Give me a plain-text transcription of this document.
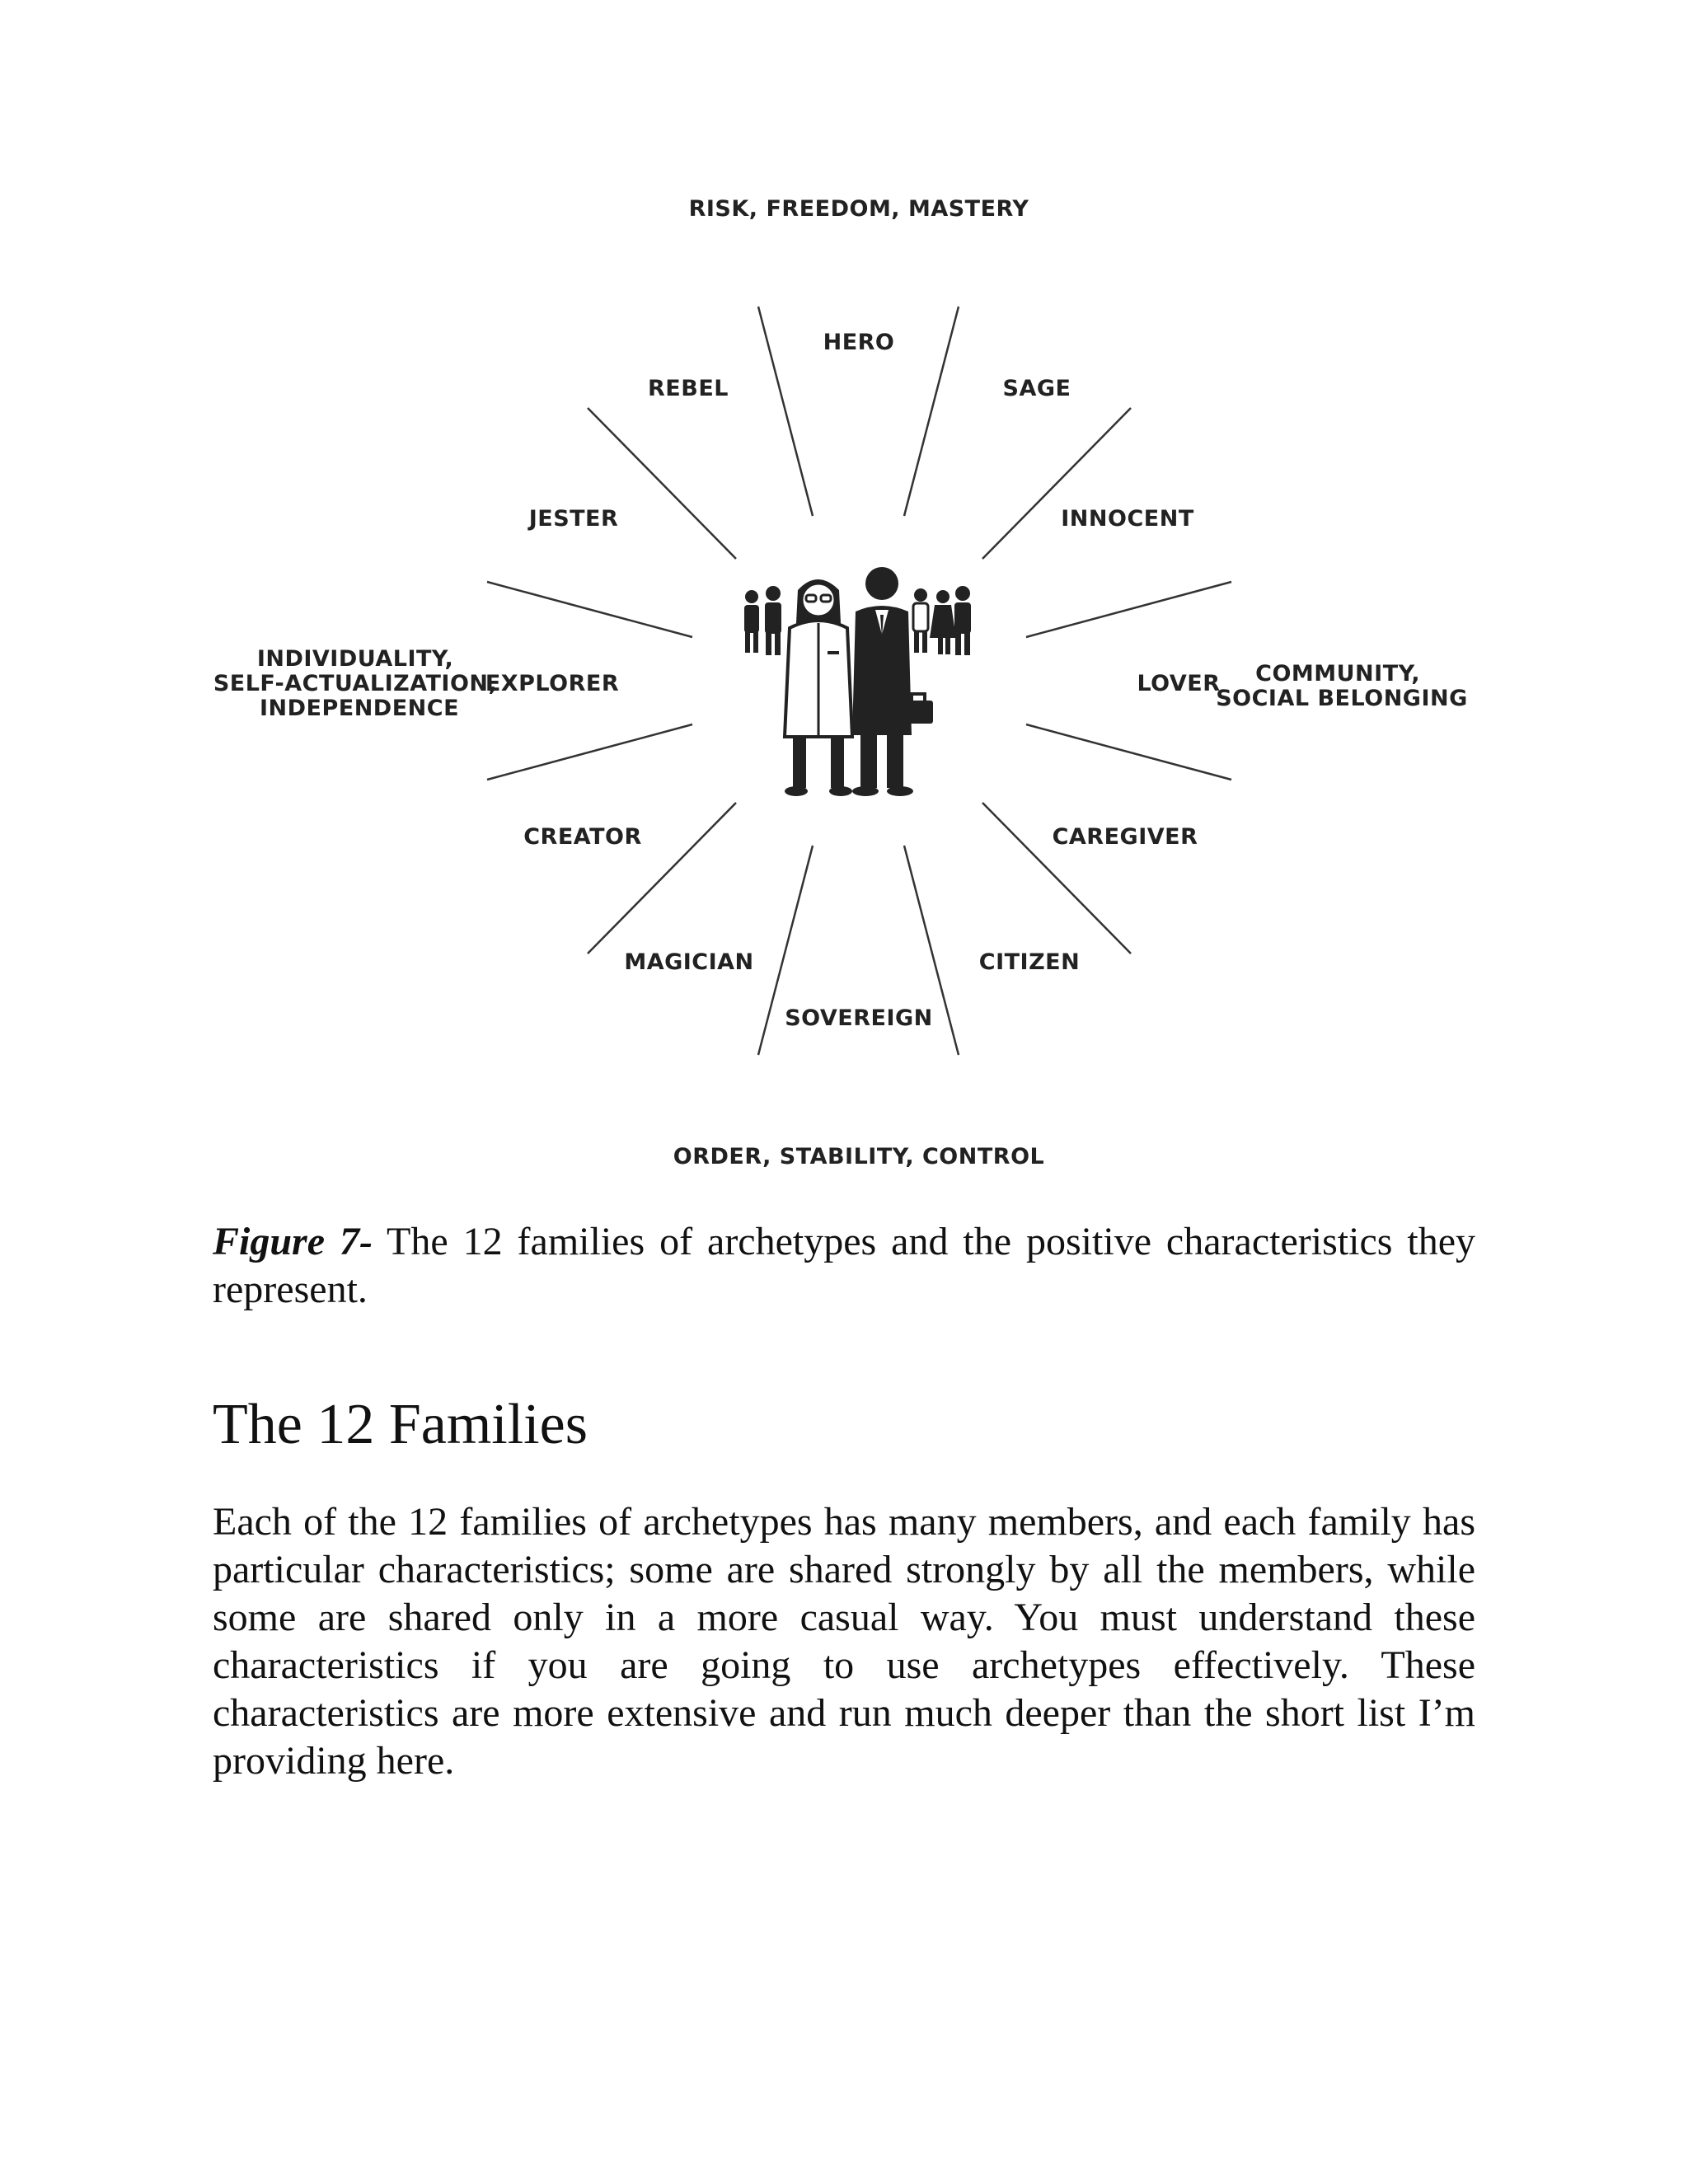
RISK, FREEDOM, MASTERY
ORDER, STABILITY, CONTROL
INDIVIDUALITY, SELF-ACTUALIZATION, INDEPENDENCE
COMMUNITY, SOCIAL BELONGING
HERO
REBEL	SAGE
JESTER	INNOCENT
EXPLORER	LOVER
CREATOR	CAREGIVER
MAGICIAN	CITIZEN
SOVEREIGN
Figure 7- The 12 families of archetypes and the positive characteristics they represent.
The 12 Families

Each of the 12 families of archetypes has many members, and each family has particular characteristics; some are shared strongly by all the members, while some are shared only in a more casual way. You must understand these characteristics if you are going to use archetypes effectively. These characteristics are more extensive and run much deeper than the short list I’m providing here.
